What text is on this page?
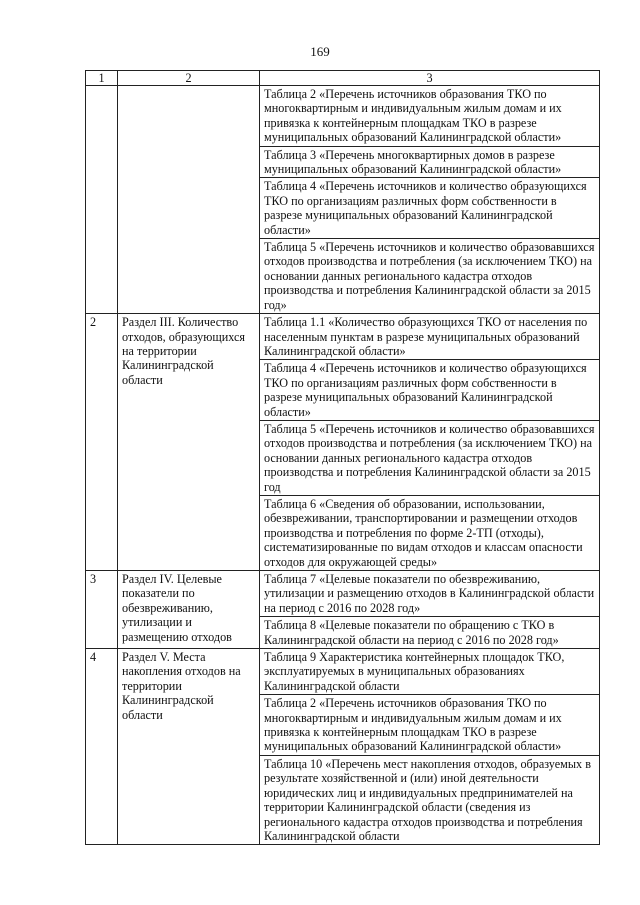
169
1	2	3
		Таблица 2 «Перечень источников образования ТКО по многоквартирным и индивидуальным жилым домам и их привязка к контейнерным площадкам ТКО в разрезе муниципальных образований Калининградской области»
		Таблица 3 «Перечень многоквартирных домов в разрезе муниципальных образований Калининградской области»
		Таблица 4 «Перечень источников и количество образующихся ТКО по организациям различных форм собственности в разрезе муниципальных образований Калининградской области»
		Таблица 5 «Перечень источников и количество образовавшихся отходов производства и потребления (за исключением ТКО) на основании данных регионального кадастра отходов производства и потребления Калининградской области за 2015 год»
2	Раздел III. Количество отходов, образующихся на территории Калининградской области	Таблица 1.1 «Количество образующихся ТКО от населения по населенным пунктам в разрезе муниципальных образований Калининградской области»
		Таблица 4 «Перечень источников и количество образующихся ТКО по организациям различных форм собственности в разрезе муниципальных образований Калининградской области»
		Таблица 5 «Перечень источников и количество образовавшихся отходов производства и потребления (за исключением ТКО) на основании данных регионального кадастра отходов производства и потребления Калининградской области за 2015 год
		Таблица 6 «Сведения об образовании, использовании, обезвреживании, транспортировании и размещении отходов производства и потребления по форме 2-ТП (отходы), систематизированные по видам отходов и классам опасности отходов для окружающей среды»
3	Раздел IV. Целевые показатели по обезвреживанию, утилизации и размещению отходов	Таблица 7 «Целевые показатели по обезвреживанию, утилизации и размещению отходов в Калининградской области на период с 2016 по 2028 год»
		Таблица 8 «Целевые показатели по обращению с ТКО в Калининградской области на период с 2016 по 2028 год»
4	Раздел V. Места накопления отходов на территории Калининградской области	Таблица 9 Характеристика контейнерных площадок ТКО, эксплуатируемых в муниципальных образованиях Калининградской области
		Таблица 2 «Перечень источников образования ТКО по многоквартирным и индивидуальным жилым домам и их привязка к контейнерным площадкам ТКО в разрезе муниципальных образований Калининградской области»
		Таблица 10 «Перечень мест накопления отходов, образуемых в результате хозяйственной и (или) иной деятельности юридических лиц и индивидуальных предпринимателей на территории Калининградской области (сведения из регионального кадастра отходов производства и потребления Калининградской области
